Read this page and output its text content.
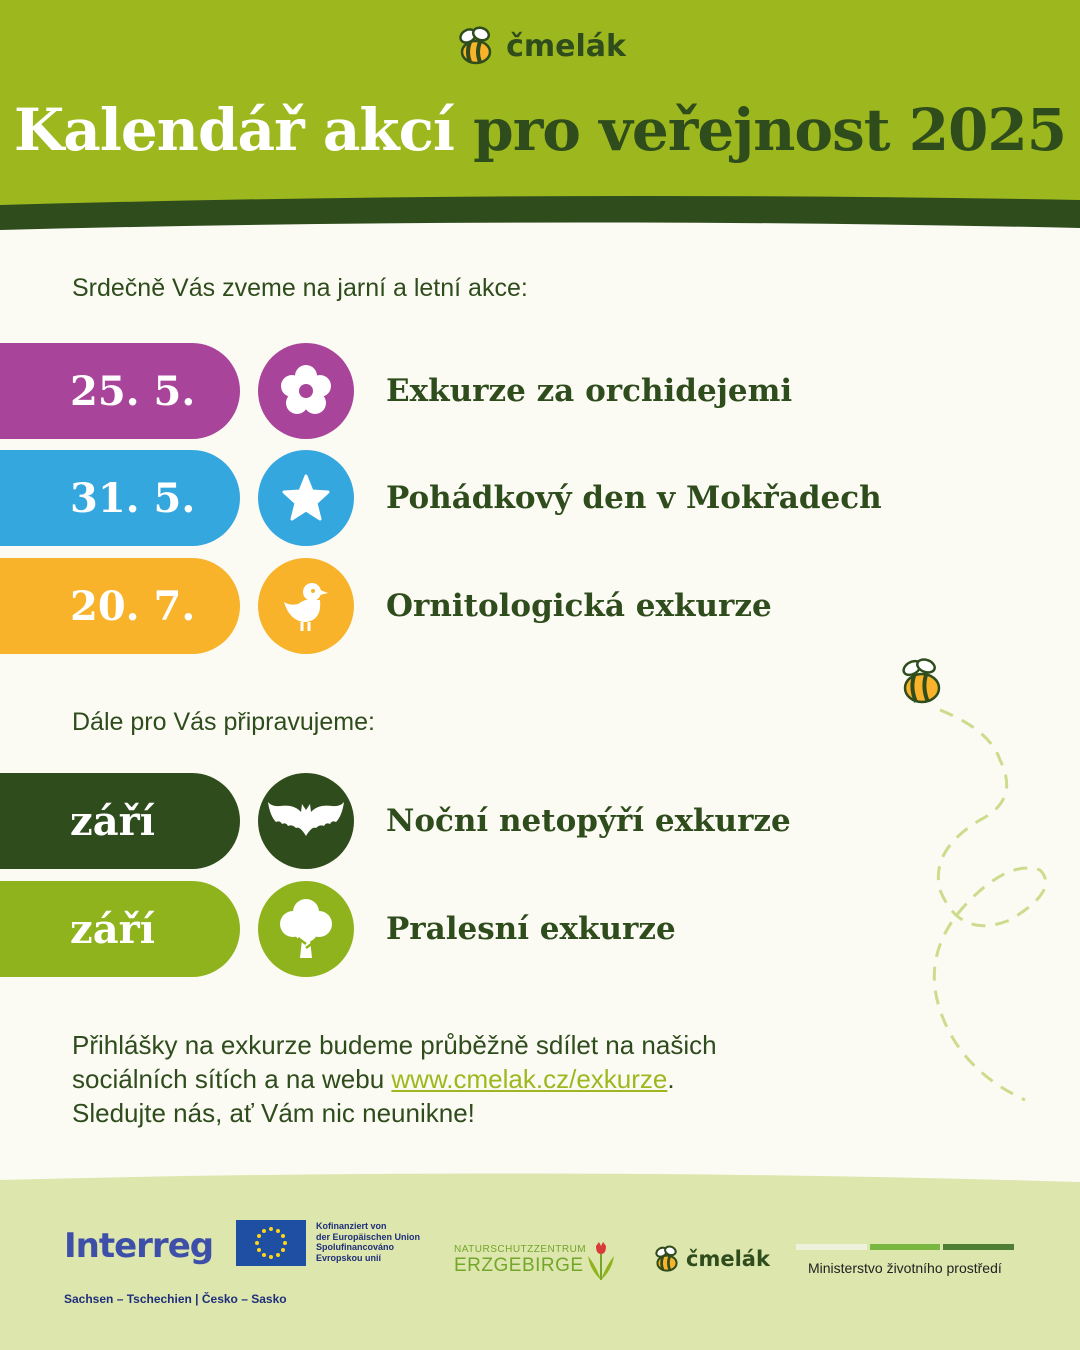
čmelák
Kalendář akcí pro veřejnost 2025
Srdečně Vás zveme na jarní a letní akce:
25. 5.	Exkurze za orchidejemi
31. 5.	Pohádkový den v Mokřadech
20. 7.	Ornitologická exkurze
Dále pro Vás připravujeme:
září	Noční netopýří exkurze
září	Pralesní exkurze
Přihlášky na exkurze budeme průběžně sdílet na našich
sociálních sítích a na webu www.cmelak.cz/exkurze.
Sledujte nás, ať Vám nic neunikne!
Interreg
Sachsen – Tschechien | Česko – Sasko
Kofinanziert von
der Europäischen Union
Spolufinancováno
Evropskou unií
NATURSCHUTZZENTRUM
ERZGEBIRGE	čmelák	Ministerstvo životního prostředí
